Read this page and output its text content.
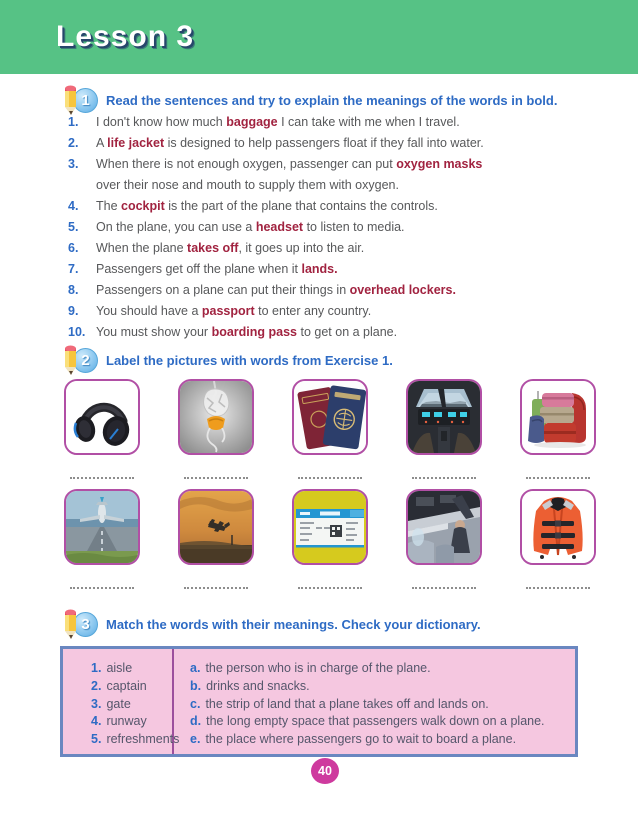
Lesson 3
1	Read the sentences and try to explain the meanings of the words in bold.
1.	I don't know how much baggage I can take with me when I travel.
2.	A life jacket is designed to help passengers float if they fall into water.
3.	When there is not enough oxygen, passenger can put oxygen masks
over their nose and mouth to supply them with oxygen.
4.	The cockpit is the part of the plane that contains the controls.
5.	On the plane, you can use a headset to listen to media.
6.	When the plane takes off, it goes up into the air.
7.	Passengers get off the plane when it lands.
8.	Passengers on a plane can put their things in overhead lockers.
9.	You should have a passport to enter any country.
10. You must show your boarding pass to get on a plane.
2	Label the pictures with words from Exercise 1.
3	Match the words with their meanings. Check your dictionary.
1. aisle
2. captain
3. gate
4. runway
5. refreshments
a. the person who is in charge of the plane.
b. drinks and snacks.
c. the strip of land that a plane takes off and lands on.
d. the long empty space that passengers walk down on a plane.
e. the place where passengers go to wait to board a plane.
40
